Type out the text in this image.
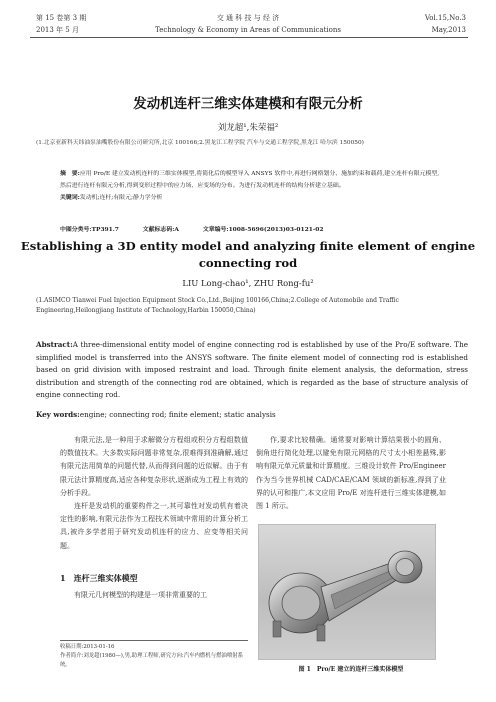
第 15 卷第 3 期
2013 年 5 月
交 通 科 技 与 经 济
Technology & Economy in Areas of Communications
Vol.15,No.3
May,2013
发动机连杆三维实体建模和有限元分析
刘龙超¹,朱荣福²
(1.北京亚新科天纬油泵油嘴股份有限公司研究所,北京 100166;2.黑龙江工程学院 汽车与交通工程学院,黑龙江 哈尔滨 150050)
摘　要:应用 Pro/E 建立发动机连杆的三维实体模型,将简化后的模型导入 ANSYS 软件中,再进行网格划分、施加约束和载荷,建立连杆有限元模型,然后进行连杆有限元分析,得到变形过程中的应力场、应变场的分布。为进行发动机连杆的结构分析建立基础。
关键词:发动机;连杆;有限元;静力学分析
中图分类号:TP391.7	文献标志码:A	文章编号:1008-5696(2013)03-0121-02
Establishing a 3D entity model and analyzing finite element of engine connecting rod
LIU Long-chao¹, ZHU Rong-fu²
(1.ASIMCO Tianwei Fuel Injection Equipment Stock Co.,Ltd.,Beijing 100166,China;2.College of Automobile and Traffic Engineering,Heilongjiang Institute of Technology,Harbin 150050,China)
Abstract:A three-dimensional entity model of engine connecting rod is established by use of the Pro/E software. The simplified model is transferred into the ANSYS software. The finite element model of connecting rod is established based on grid division with imposed restraint and load. Through finite element analysis, the deformation, stress distribution and strength of the connecting rod are obtained, which is regarded as the base of structure analysis of engine connecting rod.
Key words:engine; connecting rod; finite element; static analysis

有限元法,是一种用于求解微分方程组或积分方程组数值的数值技术。大多数实际问题非常复杂,很难得到准确解,通过有限元法用简单的问题代替,从而得到问题的近似解。由于有限元法计算精度高,适应各种复杂形状,逐渐成为工程上有效的分析手段。

连杆是发动机的重要构件之一,其可靠性对发动机有着决定性的影响,有限元法作为工程技术领域中常用的计算分析工具,被许多学者用于研究发动机连杆的应力、应变等相关问题。

1　连杆三维实体模型

有限元几何模型的构建是一项非常重要的工

收稿日期:2013-01-16
作者简介:刘龙超(1980—),男,助理工程师,研究方向:汽车内燃机与燃油喷射系统。

作,要求比较精确。通常要对影响计算结果极小的圆角、倒角进行简化处理,以避免有限元网格的尺寸太小相差悬殊,影响有限元单元质量和计算精度。三维设计软件 Pro/Engineer 作为当今世界机械 CAD/CAE/CAM 领域的新标准,得到了业界的认可和推广,本文应用 Pro/E 对连杆进行三维实体建模,如图 1 所示。

图 1　Pro/E 建立的连杆三维实体模型
